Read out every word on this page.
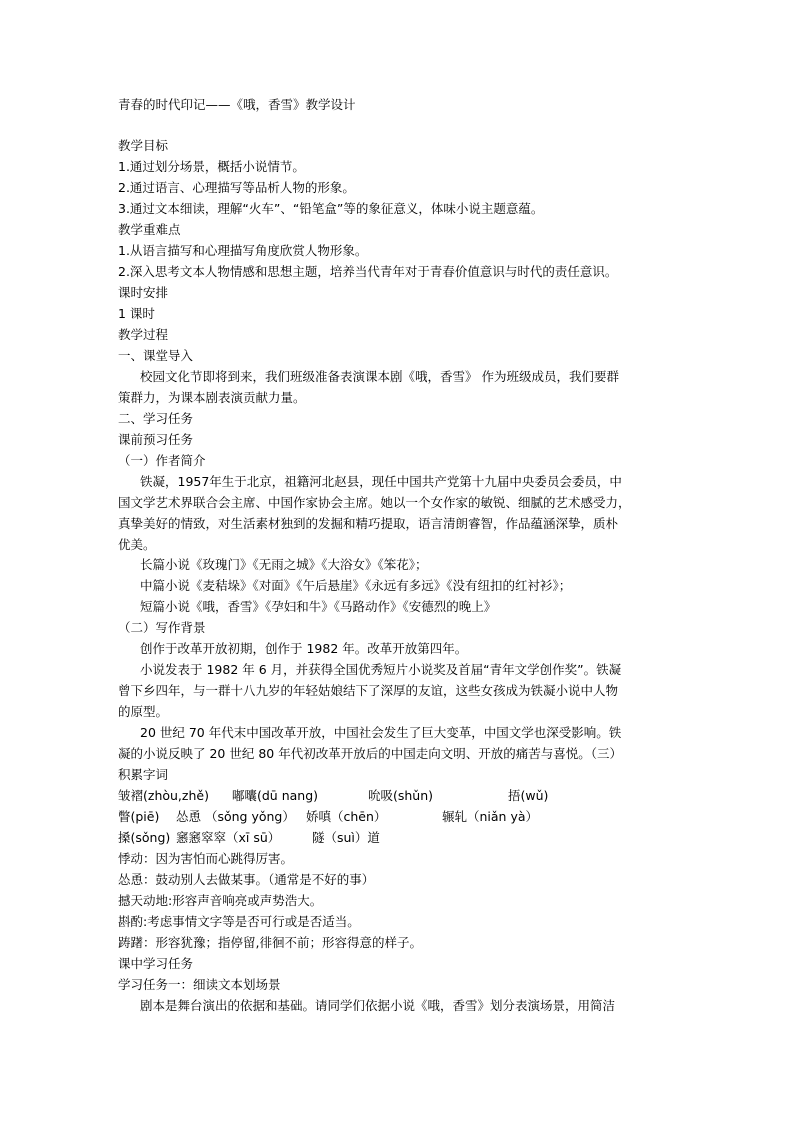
青春的时代印记——《哦，香雪》教学设计
教学目标
1.通过划分场景，概括小说情节。
2.通过语言、心理描写等品析人物的形象。
3.通过文本细读，理解“火车”、“铅笔盒”等的象征意义，体味小说主题意蕴。
教学重难点
1.从语言描写和心理描写角度欣赏人物形象。
2.深入思考文本人物情感和思想主题，培养当代青年对于青春价值意识与时代的责任意识。
课时安排
1 课时
教学过程
一、课堂导入
校园文化节即将到来，我们班级准备表演课本剧《哦，香雪》 作为班级成员，我们要群
策群力，为课本剧表演贡献力量。
二、学习任务
课前预习任务
（一）作者简介
铁凝，1957年生于北京，祖籍河北赵县，现任中国共产党第十九届中央委员会委员，中
国文学艺术界联合会主席、中国作家协会主席。她以一个女作家的敏锐、细腻的艺术感受力，
真挚美好的情致，对生活素材独到的发掘和精巧提取，语言清朗睿智，作品蕴涵深挚，质朴
优美。
长篇小说《玫瑰门》《无雨之城》《大浴女》《笨花》；
中篇小说《麦秸垛》《对面》《午后悬崖》《永远有多远》《没有纽扣的红衬衫》；
短篇小说《哦，香雪》《孕妇和牛》《马路动作》《安德烈的晚上》
（二）写作背景
创作于改革开放初期，创作于 1982 年。改革开放第四年。
小说发表于 1982 年 6 月，并获得全国优秀短片小说奖及首届“青年文学创作奖”。铁凝
曾下乡四年，与一群十八九岁的年轻姑娘结下了深厚的友谊，这些女孩成为铁凝小说中人物
的原型。
20 世纪 70 年代末中国改革开放，中国社会发生了巨大变革，中国文学也深受影响。铁
凝的小说反映了 20 世纪 80 年代初改革开放后的中国走向文明、开放的痛苦与喜悦。（三）
积累字词
皱褶(zhòu,zhě) 嘟囔(dū nang)	吮吸(shǔn)	捂(wǔ)
瞥(piē) 怂恿 （sǒng yǒng） 娇嗔（chēn）	辗轧（niǎn yà）
搡(sǒng) 窸窸窣窣（xī sū）	隧（suì）道
悸动：因为害怕而心跳得厉害。
怂恿：鼓动别人去做某事。（通常是不好的事）
撼天动地:形容声音响亮或声势浩大。
斟酌:考虑事情文字等是否可行或是否适当。
踌躇：形容犹豫；指停留,徘徊不前；形容得意的样子。
课中学习任务
学习任务一：细读文本划场景
剧本是舞台演出的依据和基础。请同学们依据小说《哦，香雪》划分表演场景，用简洁
